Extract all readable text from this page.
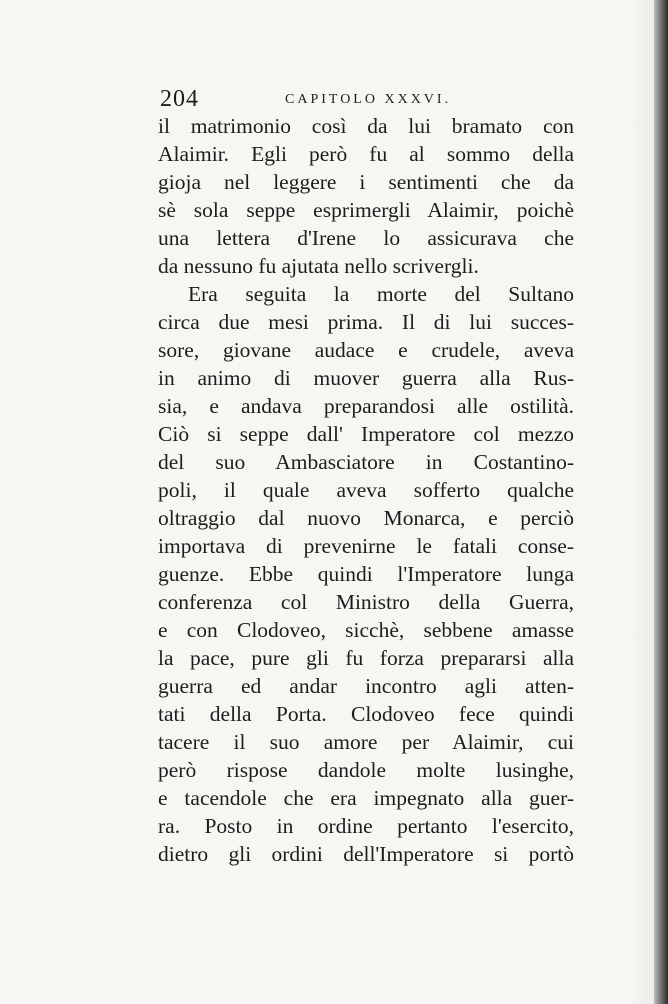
204	CAPITOLO XXXVI.
il matrimonio così da lui bramato con
Alaimir. Egli però fu al sommo della
gioja nel leggere i sentimenti che da
sè sola seppe esprimergli Alaimir, poichè
una lettera d'Irene lo assicurava che
da nessuno fu ajutata nello scrivergli.
Era seguita la morte del Sultano
circa due mesi prima. Il di lui succes-
sore, giovane audace e crudele, aveva
in animo di muover guerra alla Rus-
sia, e andava preparandosi alle ostilità.
Ciò si seppe dall' Imperatore col mezzo
del suo Ambasciatore in Costantino-
poli, il quale aveva sofferto qualche
oltraggio dal nuovo Monarca, e perciò
importava di prevenirne le fatali conse-
guenze. Ebbe quindi l'Imperatore lunga
conferenza col Ministro della Guerra,
e con Clodoveo, sicchè, sebbene amasse
la pace, pure gli fu forza prepararsi alla
guerra ed andar incontro agli atten-
tati della Porta. Clodoveo fece quindi
tacere il suo amore per Alaimir, cui
però rispose dandole molte lusinghe,
e tacendole che era impegnato alla guer-
ra. Posto in ordine pertanto l'esercito,
dietro gli ordini dell'Imperatore si portò
